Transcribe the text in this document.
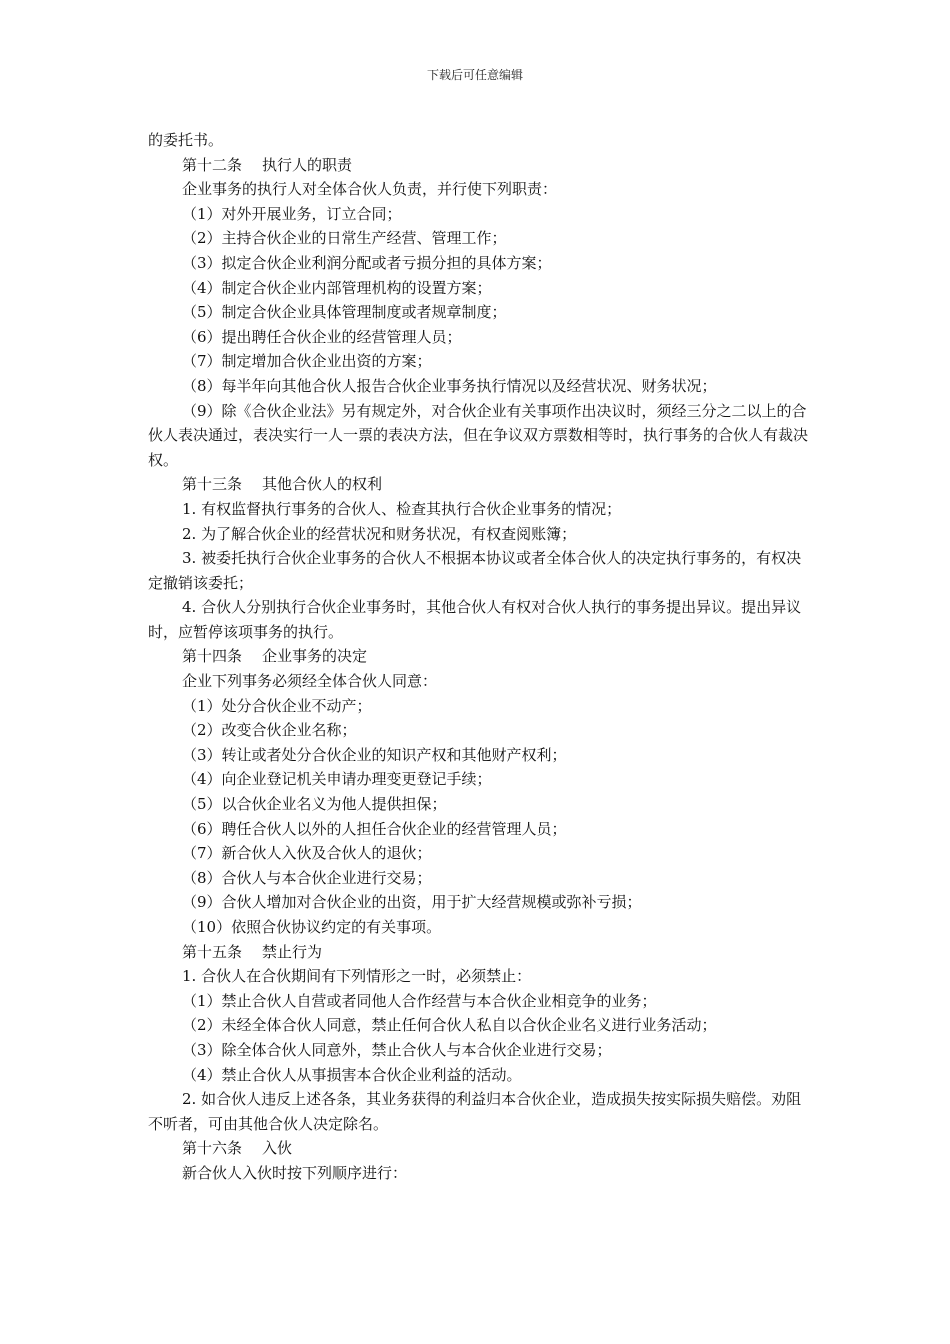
下载后可任意编辑

的委托书。

第十二条 执行人的职责

企业事务的执行人对全体合伙人负责，并行使下列职责：

（1）对外开展业务，订立合同；

（2）主持合伙企业的日常生产经营、管理工作；

（3）拟定合伙企业利润分配或者亏损分担的具体方案；

（4）制定合伙企业内部管理机构的设置方案；

（5）制定合伙企业具体管理制度或者规章制度；

（6）提出聘任合伙企业的经营管理人员；

（7）制定增加合伙企业出资的方案；

（8）每半年向其他合伙人报告合伙企业事务执行情况以及经营状况、财务状况；

（9）除《合伙企业法》另有规定外，对合伙企业有关事项作出决议时，须经三分之二以上的合伙人表决通过，表决实行一人一票的表决方法，但在争议双方票数相等时，执行事务的合伙人有裁决权。

第十三条 其他合伙人的权利

1. 有权监督执行事务的合伙人、检查其执行合伙企业事务的情况；

2. 为了解合伙企业的经营状况和财务状况，有权查阅账簿；

3. 被委托执行合伙企业事务的合伙人不根据本协议或者全体合伙人的决定执行事务的，有权决定撤销该委托；

4. 合伙人分别执行合伙企业事务时，其他合伙人有权对合伙人执行的事务提出异议。提出异议时，应暂停该项事务的执行。

第十四条 企业事务的决定

企业下列事务必须经全体合伙人同意：

（1）处分合伙企业不动产；

（2）改变合伙企业名称；

（3）转让或者处分合伙企业的知识产权和其他财产权利；

（4）向企业登记机关申请办理变更登记手续；

（5）以合伙企业名义为他人提供担保；

（6）聘任合伙人以外的人担任合伙企业的经营管理人员；

（7）新合伙人入伙及合伙人的退伙；

（8）合伙人与本合伙企业进行交易；

（9）合伙人增加对合伙企业的出资，用于扩大经营规模或弥补亏损；

（10）依照合伙协议约定的有关事项。

第十五条 禁止行为

1. 合伙人在合伙期间有下列情形之一时，必须禁止：

（1）禁止合伙人自营或者同他人合作经营与本合伙企业相竞争的业务；

（2）未经全体合伙人同意，禁止任何合伙人私自以合伙企业名义进行业务活动；

（3）除全体合伙人同意外，禁止合伙人与本合伙企业进行交易；

（4）禁止合伙人从事损害本合伙企业利益的活动。

2. 如合伙人违反上述各条，其业务获得的利益归本合伙企业，造成损失按实际损失赔偿。劝阻不听者，可由其他合伙人决定除名。

第十六条 入伙

新合伙人入伙时按下列顺序进行：
